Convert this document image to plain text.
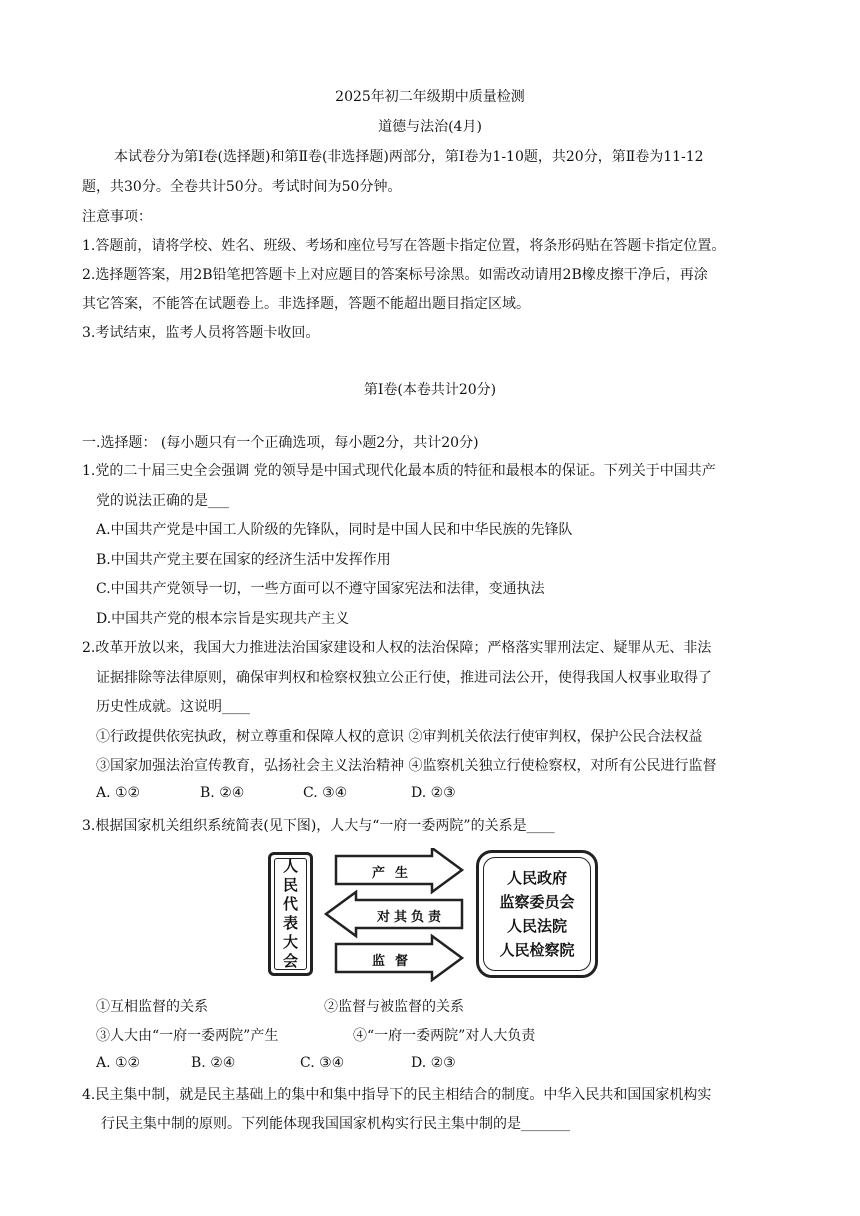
2025年初二年级期中质量检测
道德与法治(4月)
本试卷分为第Ⅰ卷(选择题)和第Ⅱ卷(非选择题)两部分，第Ⅰ卷为1-10题，共20分，第Ⅱ卷为11-12
题，共30分。全卷共计50分。考试时间为50分钟。
注意事项：
1.答题前，请将学校、姓名、班级、考场和座位号写在答题卡指定位置，将条形码贴在答题卡指定位置。
2.选择题答案，用2B铅笔把答题卡上对应题目的答案标号涂黑。如需改动请用2B橡皮擦干净后，再涂
其它答案，不能答在试题卷上。非选择题，答题不能超出题目指定区域。
3.考试结束，监考人员将答题卡收回。
第Ⅰ卷(本卷共计20分)
一.选择题： (每小题只有一个正确选项，每小题2分，共计20分)
1.党的二十届三史全会强调 党的领导是中国式现代化最本质的特征和最根本的保证。下列关于中国共产
党的说法正确的是___
A.中国共产党是中国工人阶级的先锋队，同时是中国人民和中华民族的先锋队
B.中国共产党主要在国家的经济生活中发挥作用
C.中国共产党领导一切，一些方面可以不遵守国家宪法和法律，变通执法
D.中国共产党的根本宗旨是实现共产主义
2.改革开放以来，我国大力推进法治国家建设和人权的法治保障；严格落实罪刑法定、疑罪从无、非法
证据排除等法律原则，确保审判权和检察权独立公正行使，推进司法公开，使得我国人权事业取得了
历史性成就。这说明____
①行政提供依宪执政，树立尊重和保障人权的意识 ②审判机关依法行使审判权，保护公民合法权益
③国家加强法治宣传教育，弘扬社会主义法治精神 ④监察机关独立行使检察权，对所有公民进行监督
A. ①②	B. ②④	C. ③④	D. ②③
3.根据国家机关组织系统简表(见下图)，人大与“一府一委两院”的关系是____
人
民
代
表
大
会
产生
对其负责
监督
人民政府
监察委员会
人民法院
人民检察院
①互相监督的关系	②监督与被监督的关系
③人大由“一府一委两院”产生	④“一府一委两院”对人大负责
A. ①②	B. ②④	C. ③④	D. ②③
4.民主集中制，就是民主基础上的集中和集中指导下的民主相结合的制度。中华入民共和国国家机构实
行民主集中制的原则。下列能体现我国国家机构实行民主集中制的是_______
